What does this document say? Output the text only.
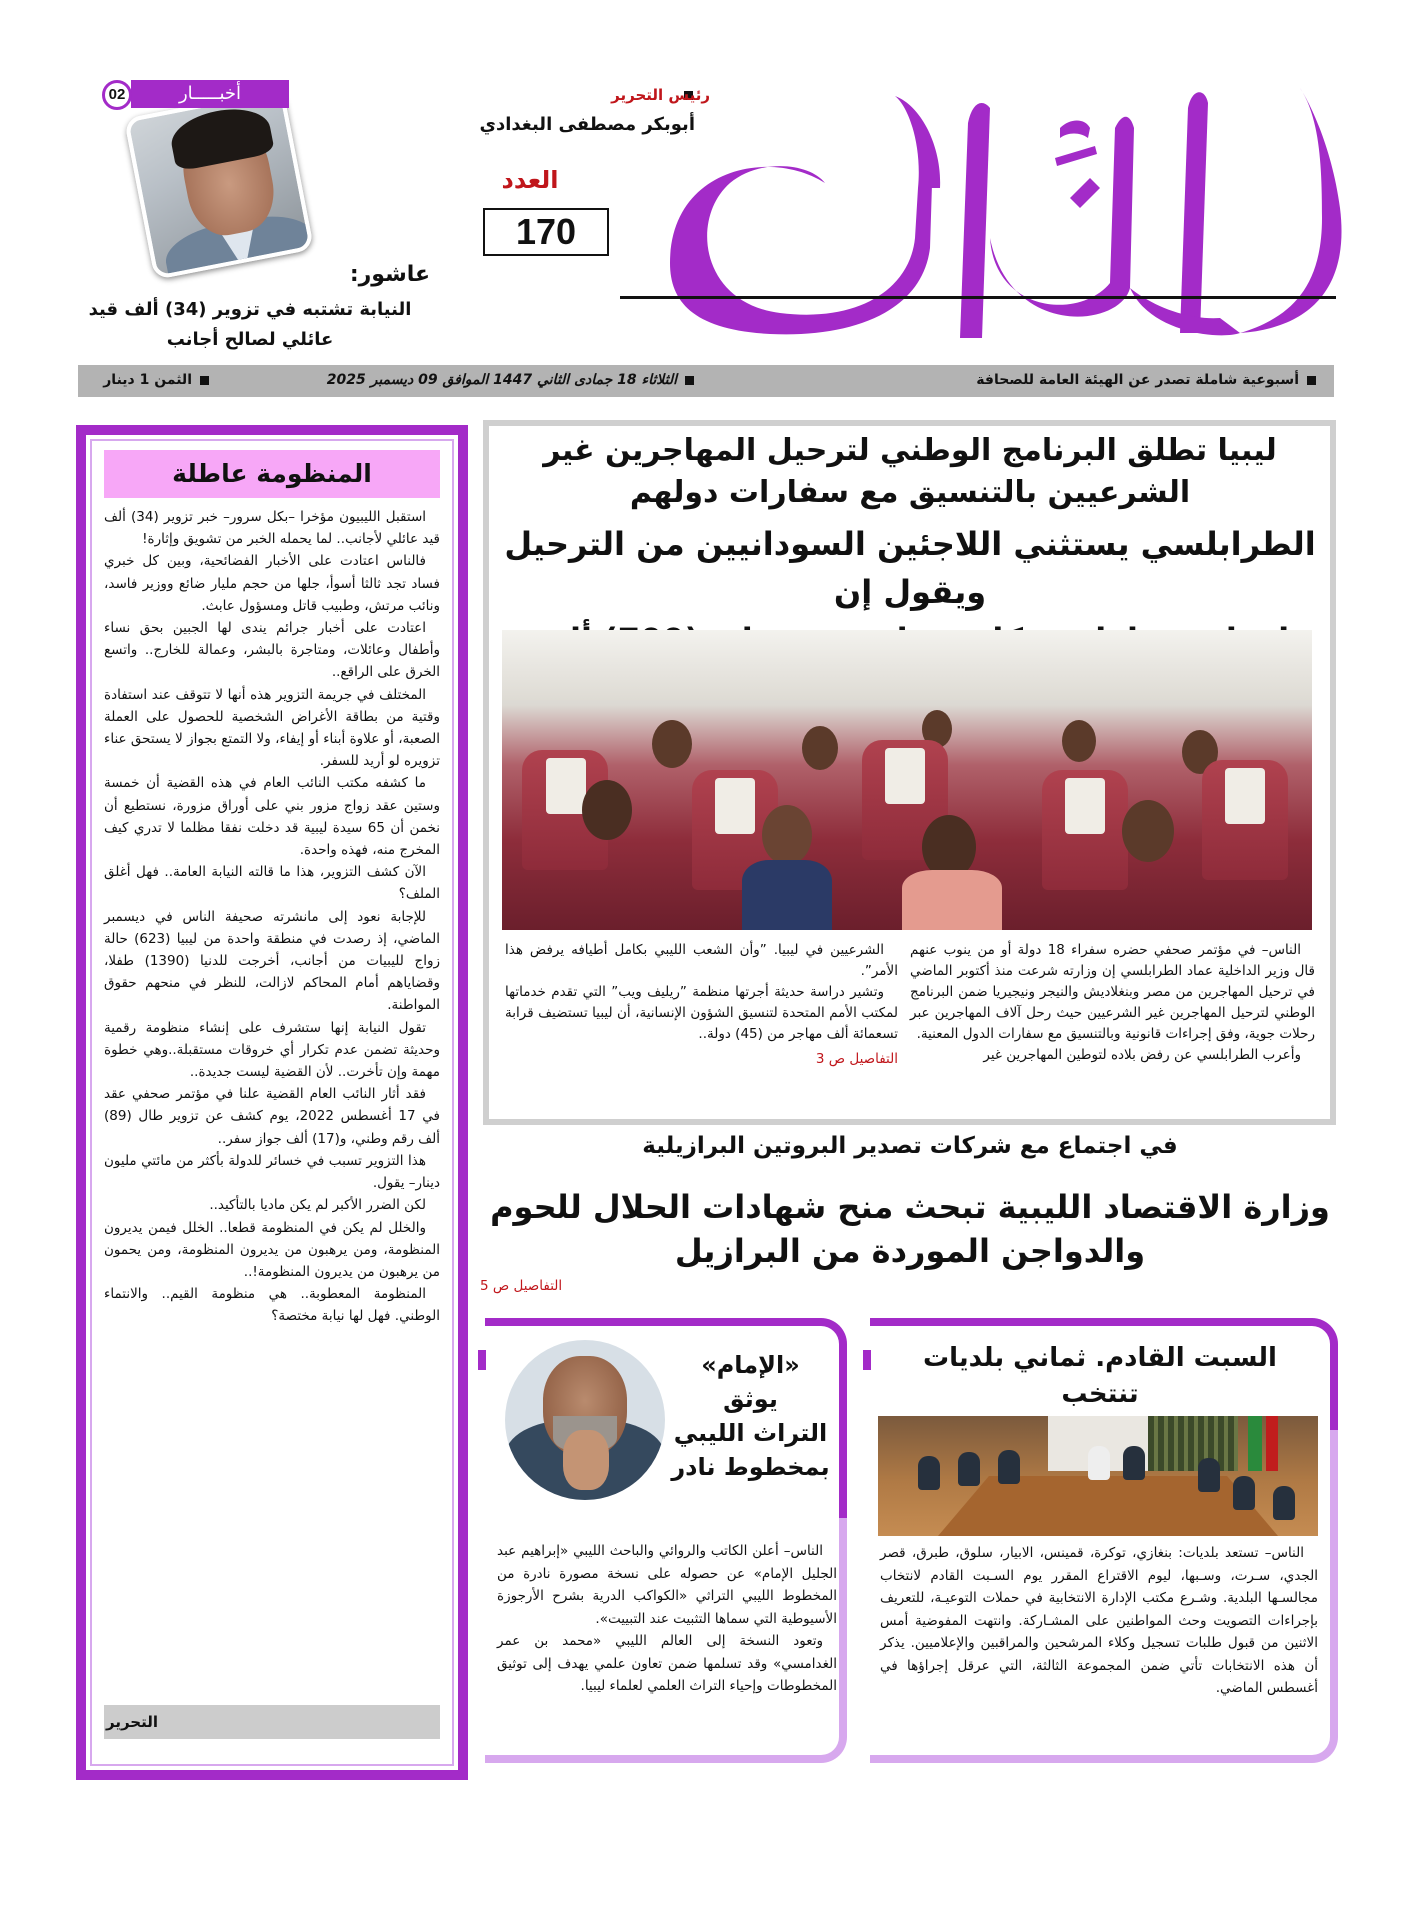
رئيس التحرير
أبوبكر مصطفى البغدادي
العدد
170
أخبـــــار
02
عاشور:
النيابة تشتبه في تزوير (34) ألف قيد
عائلي لصالح أجانب
أسبوعية شاملة تصدر عن الهيئة العامة للصحافة
الثلاثاء 18 جمادى الثاني 1447 الموافق 09 ديسمبر 2025
الثمن 1 دينار
ليبيا تطلق البرنامج الوطني لترحيل المهاجرين غير
الشرعيين بالتنسيق مع سفارات دولهم
الطرابلسي يستثني اللاجئين السودانيين من الترحيل ويقول إن

الناس– في مؤتمر صحفي حضره سفراء 18 دولة أو من ينوب عنهم قال وزير الداخلية عماد الطرابلسي إن وزارته شرعت منذ أكتوبر الماضي في ترحيل المهاجرين من مصر وبنغلاديش والنيجر ونيجيريا ضمن البرنامج الوطني لترحيل المهاجرين غير الشرعيين حيث رحل آلاف المهاجرين عبر رحلات جوية، وفق إجراءات قانونية وبالتنسيق مع سفارات الدول المعنية.

وأعرب الطرابلسي عن رفض بلاده لتوطين المهاجرين غير

الشرعيين في ليبيا. ”وأن الشعب الليبي بكامل أطيافه يرفض هذا الأمر”.

وتشير دراسة حديثة أجرتها منظمة ”ريليف ويب” التي تقدم خدماتها لمكتب الأمم المتحدة لتنسيق الشؤون الإنسانية، أن ليبيا تستضيف قرابة تسعمائة ألف مهاجر من (45) دولة..

التفاصيل ص 3

في اجتماع مع شركات تصدير البروتين البرازيلية
وزارة الاقتصاد الليبية تبحث منح شهادات الحلال للحوم
والدواجن الموردة من البرازيل
التفاصيل ص 5
السبت القادم. ثماني بلديات تنتخب

الناس– تستعد بلديات: بنغازي، توكرة، قمينس، الابيار، سلوق، طبرق، قصر الجدي، سـرت، وسـبها، ليوم الاقتراع المقرر يوم السـبت القادم لانتخاب مجالسـها البلدية. وشـرع مكتب الإدارة الانتخابية في حملات التوعيـة، للتعريف بإجراءات التصويت وحث المواطنين على المشـاركة. وانتهت المفوضية أمس الاثنين من قبول طلبات تسجيل وكلاء المرشحين والمراقبين والإعلاميين. يذكر أن هذه الانتخابات تأتي ضمن المجموعة الثالثة، التي عرقل إجراؤها في أغسطس الماضي.

«الإمام»
يوثق
التراث الليبي
بمخطوط نادر

الناس– أعلن الكاتب والروائي والباحث الليبي «إبراهيم عبد الجليل الإمام» عن حصوله على نسخة مصورة نادرة من المخطوط الليبي التراثي «الكواكب الدرية بشرح الأرجوزة الأسيوطية التي سماها التثبيت عند التبييت».

وتعود النسخة إلى العالم الليبي «محمد بن عمر الغدامسي» وقد تسلمها ضمن تعاون علمي يهدف إلى توثيق المخطوطات وإحياء التراث العلمي لعلماء ليبيا.

المنظومة عاطلة

استقبل الليبيون مؤخرا –بكل سرور– خبر تزوير (34) ألف قيد عائلي لأجانب.. لما يحمله الخبر من تشويق وإثارة!

فالناس اعتادت على الأخبار الفضائحية، وبين كل خبري فساد تجد ثالثا أسوأ، جلها من حجم مليار ضائع ووزير فاسد، ونائب مرتش، وطبيب قاتل ومسؤول عابث.

اعتادت على أخبار جرائم يندى لها الجبين بحق نساء وأطفال وعائلات، ومتاجرة بالبشر، وعمالة للخارج.. واتسع الخرق على الراقع..

المختلف في جريمة التزوير هذه أنها لا تتوقف عند استفادة وقتية من بطاقة الأغراض الشخصية للحصول على العملة الصعبة، أو علاوة أبناء أو إيفاء، ولا التمتع بجواز لا يستحق عناء تزويره لو أريد للسفر.

ما كشفه مكتب النائب العام في هذه القضية أن خمسة وستين عقد زواج مزور بني على أوراق مزورة، نستطيع أن نخمن أن 65 سيدة ليبية قد دخلت نفقا مظلما لا تدري كيف المخرج منه، فهذه واحدة.

الآن كشف التزوير، هذا ما قالته النيابة العامة.. فهل أغلق الملف؟

للإجابة نعود إلى مانشرته صحيفة الناس في ديسمبر الماضي، إذ رصدت في منطقة واحدة من ليبيا (623) حالة زواج لليبيات من أجانب، أخرجت للدنيا (1390) طفلا، وقضاياهم أمام المحاكم لازالت، للنظر في منحهم حقوق المواطنة.

تقول النيابة إنها ستشرف على إنشاء منظومة رقمية وحديثة تضمن عدم تكرار أي خروقات مستقبلة..وهي خطوة مهمة وإن تأخرت.. لأن القضية ليست جديدة..

فقد أثار النائب العام القضية علنا في مؤتمر صحفي عقد في 17 أغسطس 2022، يوم كشف عن تزوير طال (89) ألف رقم وطني، و(17) ألف جواز سفر..

هذا التزوير تسبب في خسائر للدولة بأكثر من مائتي مليون دينار– يقول.

لكن الضرر الأكبر لم يكن ماديا بالتأكيد..

والخلل لم يكن في المنظومة قطعا.. الخلل فيمن يديرون المنظومة، ومن يرهبون من يديرون المنظومة، ومن يحمون من يرهبون من يديرون المنظومة!..

المنظومة المعطوبة.. هي منظومة القيم.. والانتماء الوطني. فهل لها نيابة مختصة؟

التحرير
